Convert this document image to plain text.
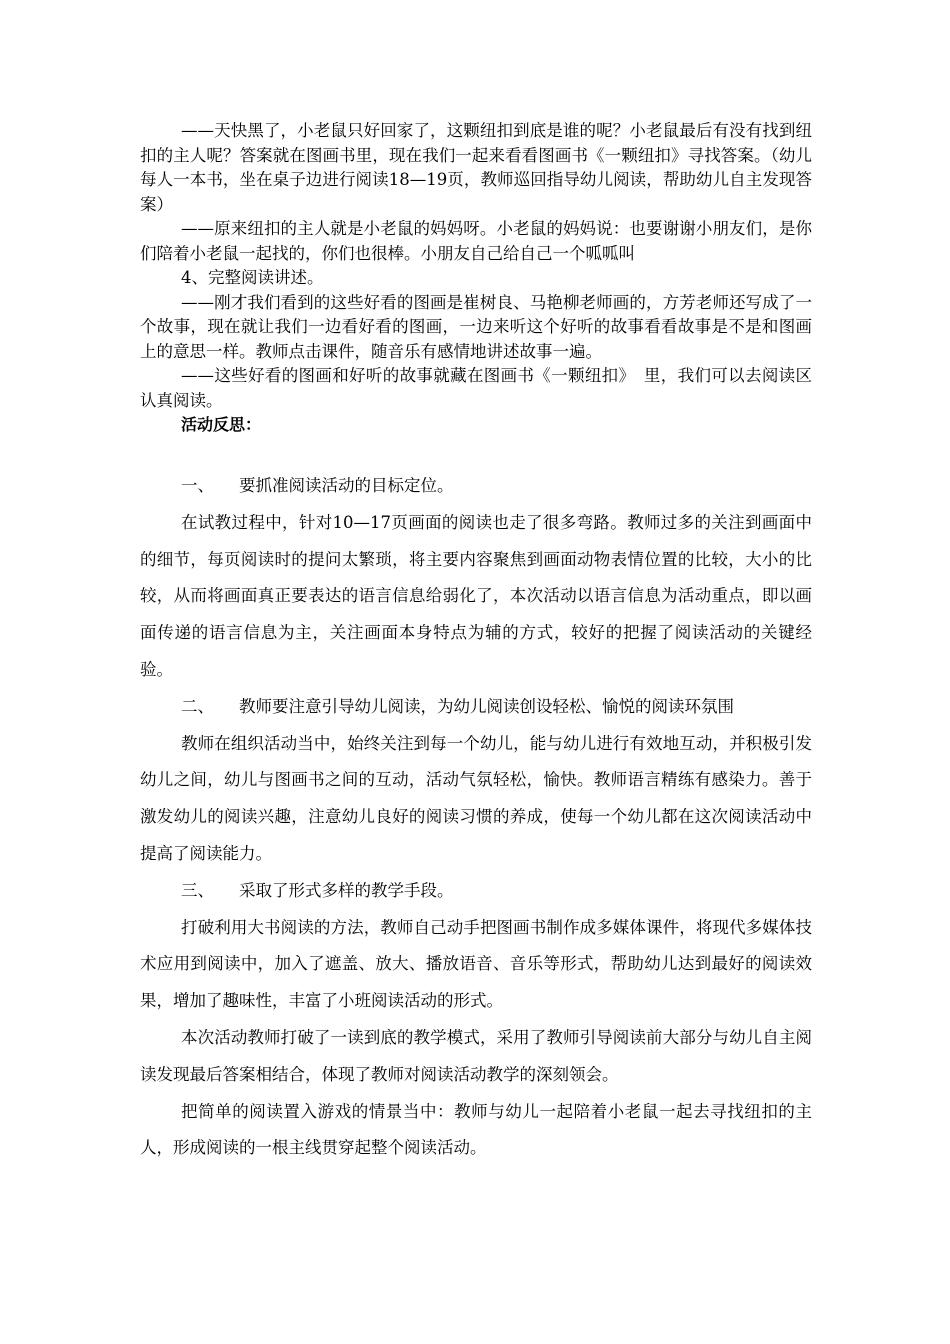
——天快黑了，小老鼠只好回家了，这颗纽扣到底是谁的呢？小老鼠最后有没有找到纽扣的主人呢？答案就在图画书里，现在我们一起来看看图画书《一颗纽扣》寻找答案。（幼儿每人一本书，坐在桌子边进行阅读18—19页，教师巡回指导幼儿阅读，帮助幼儿自主发现答案）

——原来纽扣的主人就是小老鼠的妈妈呀。小老鼠的妈妈说：也要谢谢小朋友们，是你们陪着小老鼠一起找的，你们也很棒。小朋友自己给自己一个呱呱叫

4、完整阅读讲述。

——刚才我们看到的这些好看的图画是崔树良、马艳柳老师画的，方芳老师还写成了一个故事，现在就让我们一边看好看的图画，一边来听这个好听的故事看看故事是不是和图画上的意思一样。教师点击课件，随音乐有感情地讲述故事一遍。

——这些好看的图画和好听的故事就藏在图画书《一颗纽扣》　里，我们可以去阅读区认真阅读。

活动反思：

一、 要抓准阅读活动的目标定位。

在试教过程中，针对10—17页画面的阅读也走了很多弯路。教师过多的关注到画面中的细节，每页阅读时的提问太繁琐，将主要内容聚焦到画面动物表情位置的比较，大小的比较，从而将画面真正要表达的语言信息给弱化了，本次活动以语言信息为活动重点，即以画面传递的语言信息为主，关注画面本身特点为辅的方式，较好的把握了阅读活动的关键经验。

二、 教师要注意引导幼儿阅读，为幼儿阅读创设轻松、愉悦的阅读环氛围

教师在组织活动当中，始终关注到每一个幼儿，能与幼儿进行有效地互动，并积极引发幼儿之间，幼儿与图画书之间的互动，活动气氛轻松，愉快。教师语言精练有感染力。善于激发幼儿的阅读兴趣，注意幼儿良好的阅读习惯的养成，使每一个幼儿都在这次阅读活动中提高了阅读能力。

三、 采取了形式多样的教学手段。

打破利用大书阅读的方法，教师自己动手把图画书制作成多媒体课件，将现代多媒体技术应用到阅读中，加入了遮盖、放大、播放语音、音乐等形式，帮助幼儿达到最好的阅读效果，增加了趣味性，丰富了小班阅读活动的形式。

本次活动教师打破了一读到底的教学模式，采用了教师引导阅读前大部分与幼儿自主阅读发现最后答案相结合，体现了教师对阅读活动教学的深刻领会。

把简单的阅读置入游戏的情景当中：教师与幼儿一起陪着小老鼠一起去寻找纽扣的主人，形成阅读的一根主线贯穿起整个阅读活动。
